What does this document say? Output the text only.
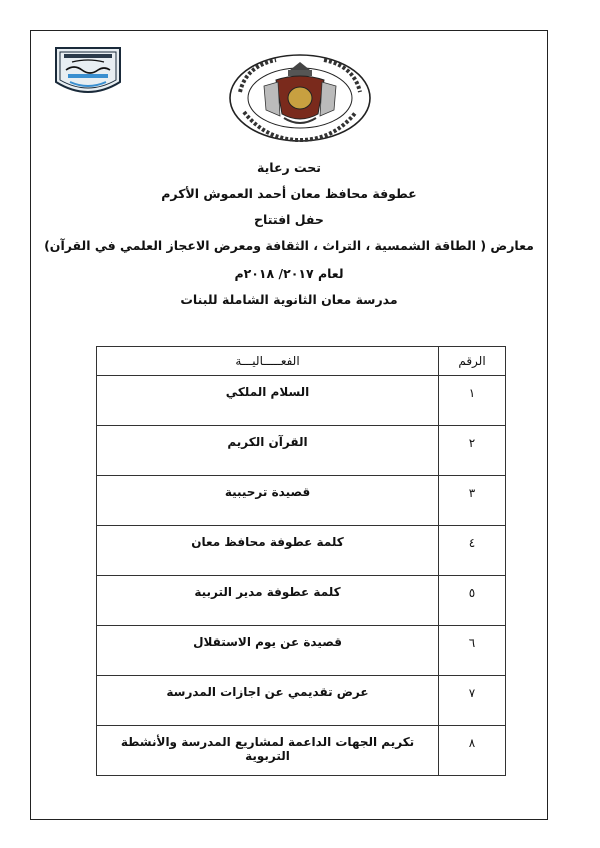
تحت رعاية
عطوفة محافظ معان أحمد العموش الأكرم
حفل افتتاح
معارض ( الطاقة الشمسية ، التراث ، الثقافة ومعرض الاعجاز العلمي في القرآن)
لعام ٢٠١٧/ ٢٠١٨م
مدرسة معان الثانوية الشاملة للبنات
الرقم	الفعـــــاليـــة
١	السلام الملكي
٢	القرآن الكريم
٣	قصيدة ترحيبية
٤	كلمة عطوفة محافظ معان
٥	كلمة عطوفة مدير التربية
٦	قصيدة عن يوم الاستقلال
٧	عرض تقديمي عن اجازات المدرسة
٨	تكريم الجهات الداعمة لمشاريع المدرسة والأنشطة التربوية
